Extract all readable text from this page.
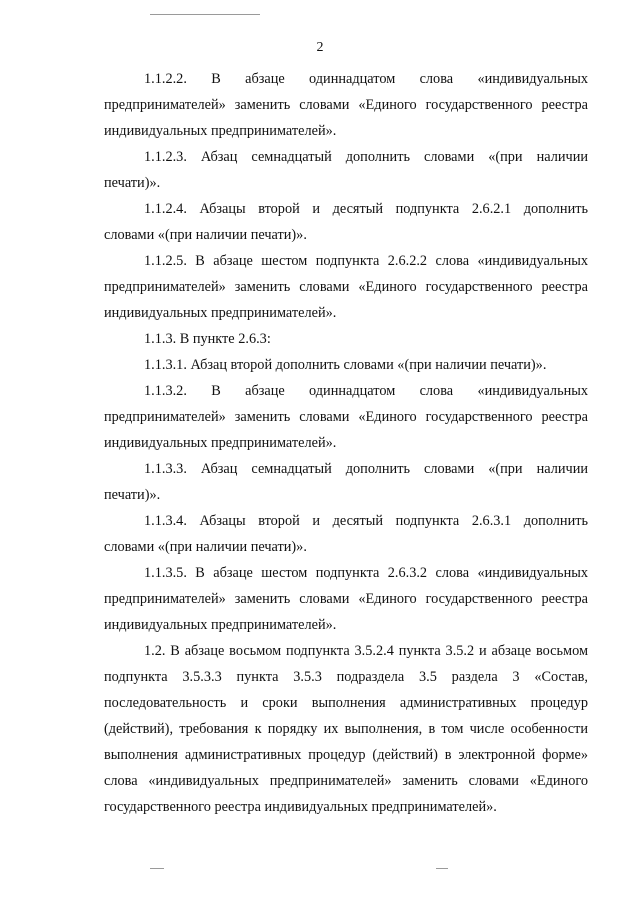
2
1.1.2.2. В абзаце одиннадцатом слова «индивидуальных
предпринимателей» заменить словами «Единого государственного реестра
индивидуальных предпринимателей».
1.1.2.3. Абзац семнадцатый дополнить словами «(при наличии
печати)».
1.1.2.4. Абзацы второй и десятый подпункта 2.6.2.1 дополнить
словами «(при наличии печати)».
1.1.2.5. В абзаце шестом подпункта 2.6.2.2 слова «индивидуальных
предпринимателей» заменить словами «Единого государственного реестра
индивидуальных предпринимателей».
1.1.3. В пункте 2.6.3:
1.1.3.1. Абзац второй дополнить словами «(при наличии печати)».
1.1.3.2. В абзаце одиннадцатом слова «индивидуальных
предпринимателей» заменить словами «Единого государственного реестра
индивидуальных предпринимателей».
1.1.3.3. Абзац семнадцатый дополнить словами «(при наличии
печати)».
1.1.3.4. Абзацы второй и десятый подпункта 2.6.3.1 дополнить
словами «(при наличии печати)».
1.1.3.5. В абзаце шестом подпункта 2.6.3.2 слова «индивидуальных
предпринимателей» заменить словами «Единого государственного реестра
индивидуальных предпринимателей».
1.2. В абзаце восьмом подпункта 3.5.2.4 пункта 3.5.2 и абзаце восьмом
подпункта 3.5.3.3 пункта 3.5.3 подраздела 3.5 раздела 3 «Состав,
последовательность и сроки выполнения административных процедур
(действий), требования к порядку их выполнения, в том числе особенности
выполнения административных процедур (действий) в электронной форме»
слова «индивидуальных предпринимателей» заменить словами «Единого
государственного реестра индивидуальных предпринимателей».
